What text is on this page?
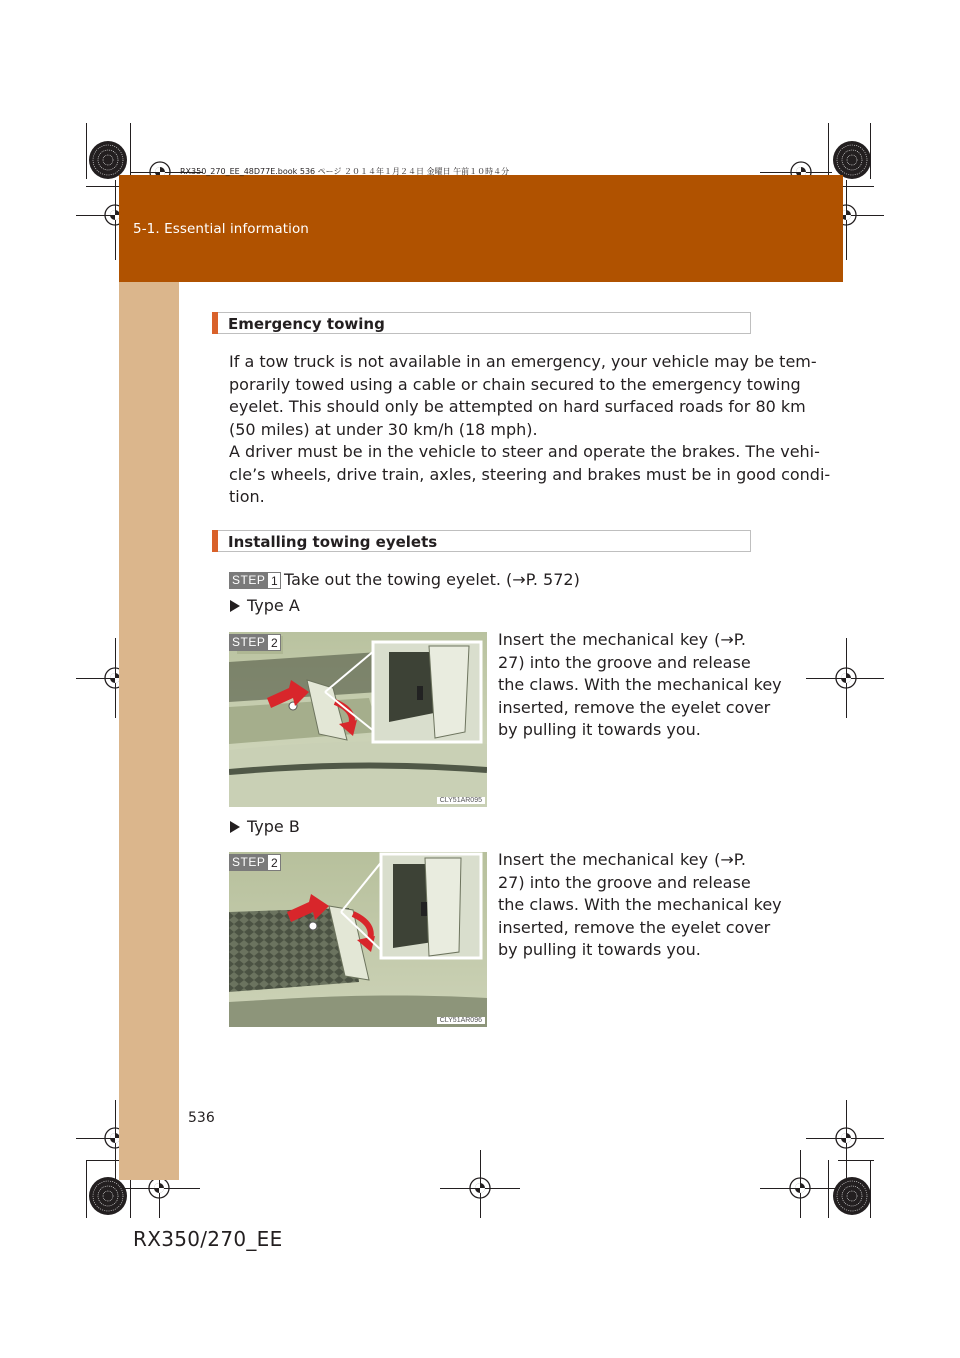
RX350_270_EE_48D77E.book 536 ページ ２０１４年１月２４日 金曜日 午前１０時４分
5-1. Essential information
Emergency towing
If a tow truck is not available in an emergency, your vehicle may be tem-
porarily towed using a cable or chain secured to the emergency towing
eyelet. This should only be attempted on hard surfaced roads for 80 km
(50 miles) at under 30 km/h (18 mph).
A driver must be in the vehicle to steer and operate the brakes. The vehi-
cle’s wheels, drive train, axles, steering and brakes must be in good condi-
tion.
Installing towing eyelets
STEP 1 Take out the towing eyelet. (→P. 572)
Type A
STEP 2
CLY51AR095
Insert the mechanical key (→P.
27) into the groove and release
the claws. With the mechanical key
inserted, remove the eyelet cover
by pulling it towards you.
Type B
STEP 2
CLY51AR096
Insert the mechanical key (→P.
27) into the groove and release
the claws. With the mechanical key
inserted, remove the eyelet cover
by pulling it towards you.
536
RX350/270_EE
